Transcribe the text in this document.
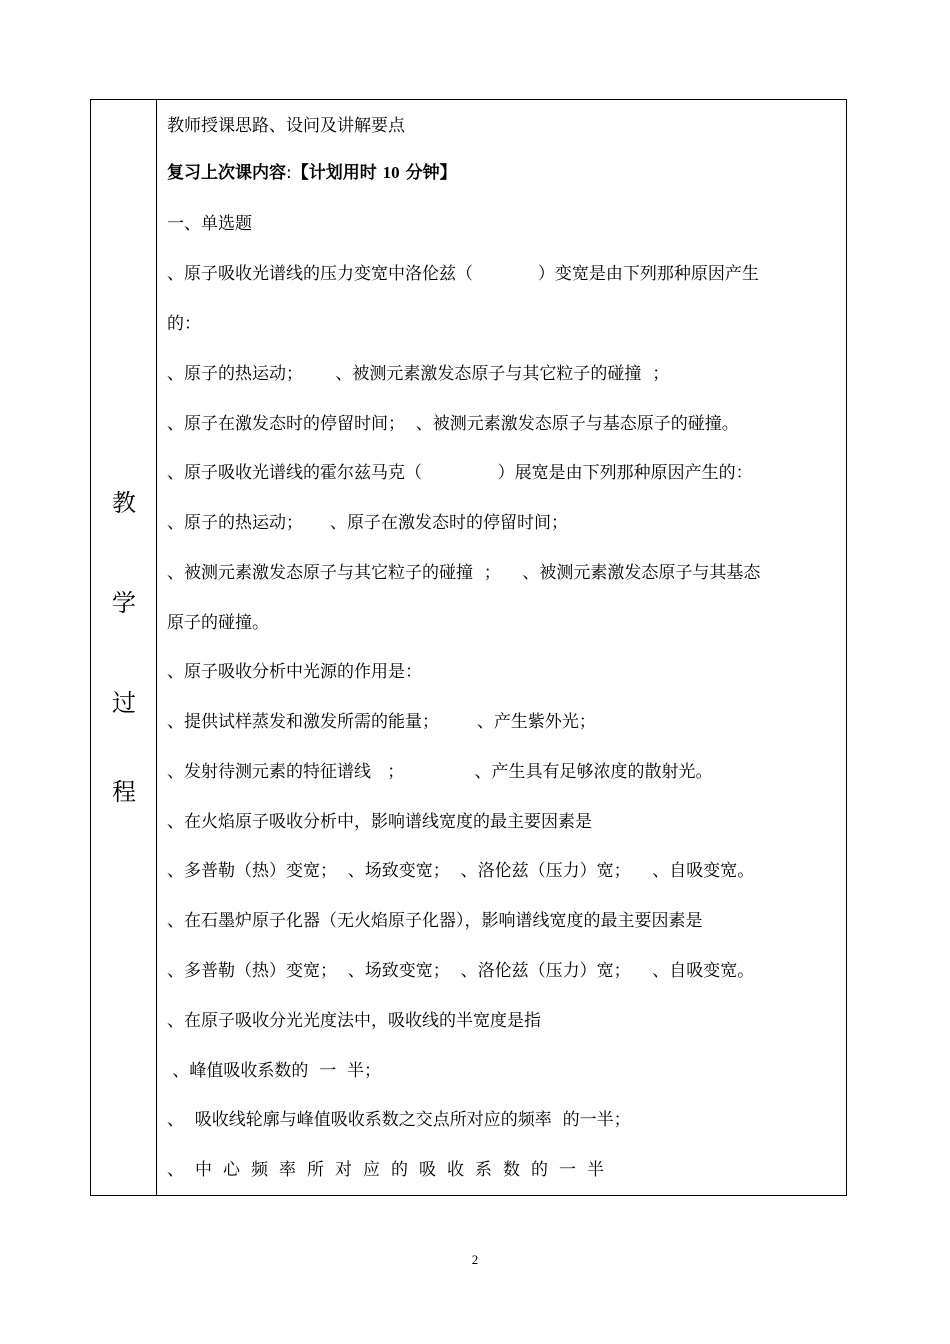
教
学
过
程
教师授课思路、设问及讲解要点
复习上次课内容:【计划用时 10 分钟】
一、单选题
、原子吸收光谱线的压力变宽中洛伦兹（            ）变宽是由下列那种原因产生
的：
、原子的热运动；      、被测元素激发态原子与其它粒子的碰撞  ；
、原子在激发态时的停留时间；  、被测元素激发态原子与基态原子的碰撞。
、原子吸收光谱线的霍尔兹马克（              ）展宽是由下列那种原因产生的：
、原子的热运动；     、原子在激发态时的停留时间；
、被测元素激发态原子与其它粒子的碰撞  ；    、被测元素激发态原子与其基态
原子的碰撞。
、原子吸收分析中光源的作用是：
、提供试样蒸发和激发所需的能量；       、产生紫外光；
、发射待测元素的特征谱线   ；             、产生具有足够浓度的散射光。
、在火焰原子吸收分析中，影响谱线宽度的最主要因素是
、多普勒（热）变宽；  、场致变宽；  、洛伦兹（压力）宽；    、自吸变宽。
、在石墨炉原子化器（无火焰原子化器），影响谱线宽度的最主要因素是
、多普勒（热）变宽；  、场致变宽；  、洛伦兹（压力）宽；    、自吸变宽。
、在原子吸收分光光度法中，吸收线的半宽度是指
、峰值吸收系数的  一  半；
、  吸收线轮廓与峰值吸收系数之交点所对应的频率  的一半；
、中心频率所对应的吸收系数的一半
2
